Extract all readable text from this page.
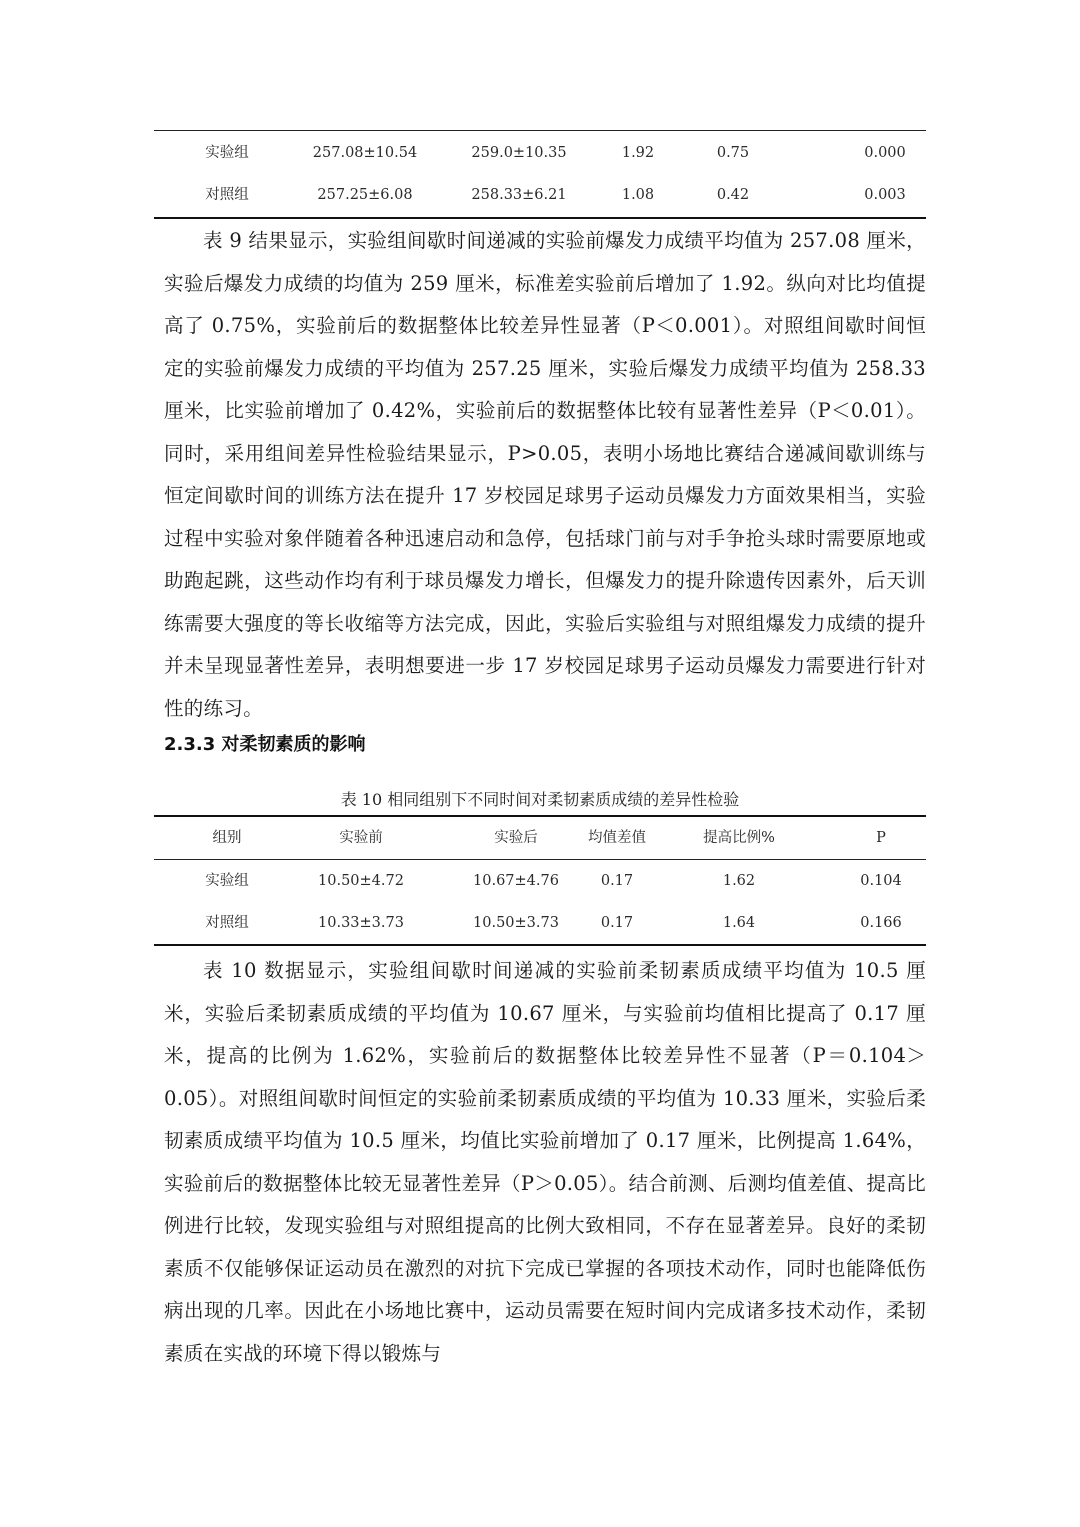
实验组	257.08±10.54	259.0±10.35	1.92	0.75	0.000
对照组	257.25±6.08	258.33±6.21	1.08	0.42	0.003
表 9 结果显示，实验组间歇时间递减的实验前爆发力成绩平均值为 257.08 厘米，实验后爆发力成绩的均值为 259 厘米，标准差实验前后增加了 1.92。纵向对比均值提高了 0.75%，实验前后的数据整体比较差异性显著（P＜0.001）。对照组间歇时间恒定的实验前爆发力成绩的平均值为 257.25 厘米，实验后爆发力成绩平均值为 258.33 厘米，比实验前增加了 0.42%，实验前后的数据整体比较有显著性差异（P＜0.01）。同时，采用组间差异性检验结果显示，P>0.05，表明小场地比赛结合递减间歇训练与恒定间歇时间的训练方法在提升 17 岁校园足球男子运动员爆发力方面效果相当，实验过程中实验对象伴随着各种迅速启动和急停，包括球门前与对手争抢头球时需要原地或助跑起跳，这些动作均有利于球员爆发力增长，但爆发力的提升除遗传因素外，后天训练需要大强度的等长收缩等方法完成，因此，实验后实验组与对照组爆发力成绩的提升并未呈现显著性差异，表明想要进一步 17 岁校园足球男子运动员爆发力需要进行针对性的练习。
2.3.3 对柔韧素质的影响
表 10 相同组别下不同时间对柔韧素质成绩的差异性检验
组别	实验前	实验后	均值差值	提高比例%	P
实验组	10.50±4.72	10.67±4.76	0.17	1.62	0.104
对照组	10.33±3.73	10.50±3.73	0.17	1.64	0.166
表 10 数据显示，实验组间歇时间递减的实验前柔韧素质成绩平均值为 10.5 厘米，实验后柔韧素质成绩的平均值为 10.67 厘米，与实验前均值相比提高了 0.17 厘米，提高的比例为 1.62%，实验前后的数据整体比较差异性不显著（P＝0.104＞0.05）。对照组间歇时间恒定的实验前柔韧素质成绩的平均值为 10.33 厘米，实验后柔韧素质成绩平均值为 10.5 厘米，均值比实验前增加了 0.17 厘米，比例提高 1.64%，实验前后的数据整体比较无显著性差异（P＞0.05）。结合前测、后测均值差值、提高比例进行比较，发现实验组与对照组提高的比例大致相同，不存在显著差异。良好的柔韧素质不仅能够保证运动员在激烈的对抗下完成已掌握的各项技术动作，同时也能降低伤病出现的几率。因此在小场地比赛中，运动员需要在短时间内完成诸多技术动作，柔韧素质在实战的环境下得以锻炼与
